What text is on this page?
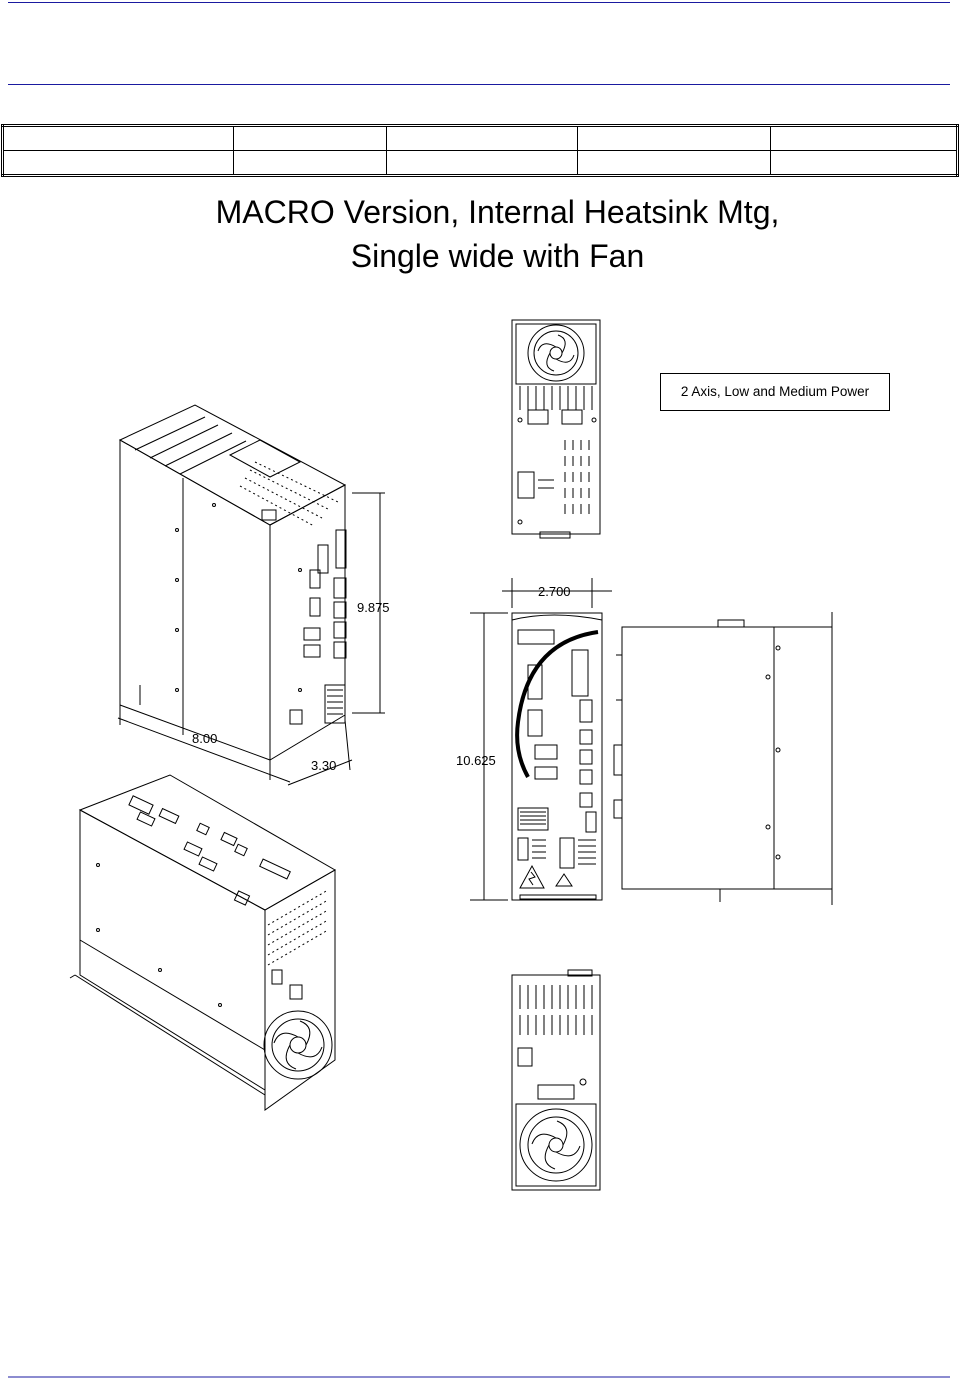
MACRO Version, Internal Heatsink Mtg,
Single wide with Fan
2 Axis, Low and Medium Power
9.875
8.00
3.30
2.700
10.625
